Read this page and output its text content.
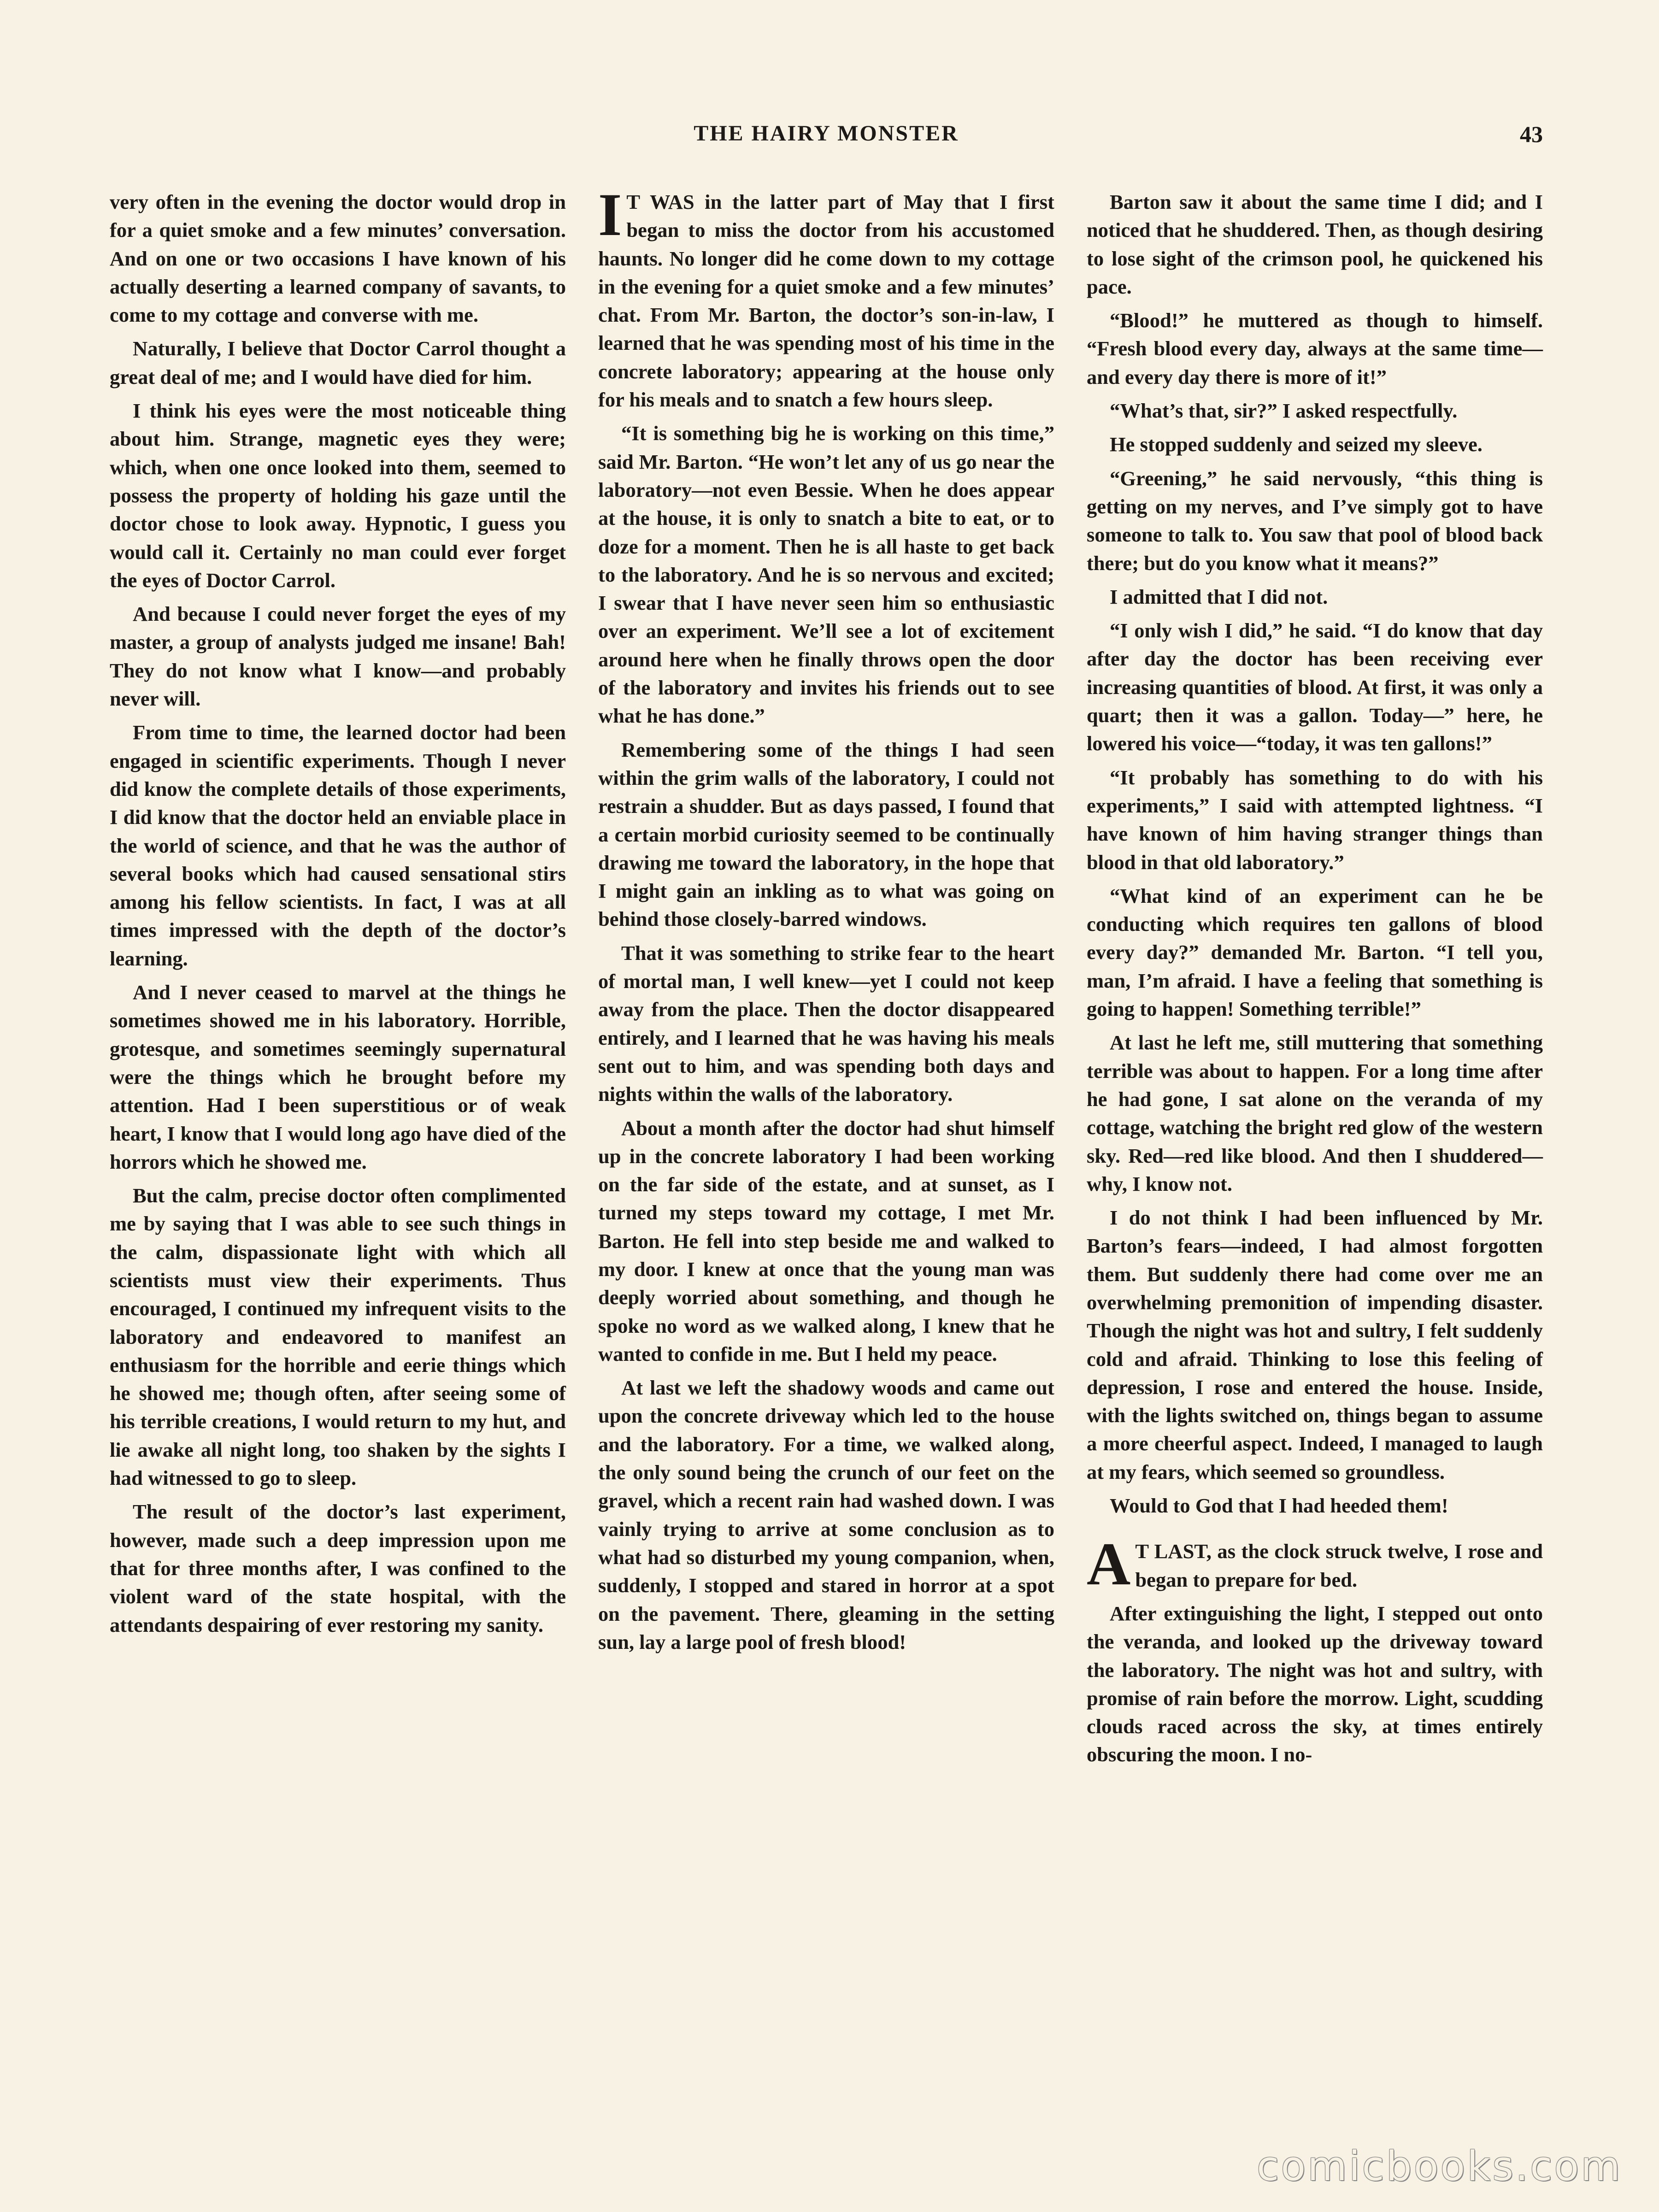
THE HAIRY MONSTER	43

very often in the evening the doctor would drop in for a quiet smoke and a few minutes’ conversation. And on one or two occasions I have known of his actually deserting a learned company of savants, to come to my cottage and converse with me.

Naturally, I believe that Doctor Carrol thought a great deal of me; and I would have died for him.

I think his eyes were the most noticeable thing about him. Strange, magnetic eyes they were; which, when one once looked into them, seemed to possess the property of holding his gaze until the doctor chose to look away. Hypnotic, I guess you would call it. Certainly no man could ever forget the eyes of Doctor Carrol.

And because I could never forget the eyes of my master, a group of analysts judged me insane! Bah! They do not know what I know—and probably never will.

From time to time, the learned doctor had been engaged in scientific experiments. Though I never did know the complete details of those experiments, I did know that the doctor held an enviable place in the world of science, and that he was the author of several books which had caused sensational stirs among his fellow scientists. In fact, I was at all times impressed with the depth of the doctor’s learning.

And I never ceased to marvel at the things he sometimes showed me in his laboratory. Horrible, grotesque, and sometimes seemingly supernatural were the things which he brought before my attention. Had I been superstitious or of weak heart, I know that I would long ago have died of the horrors which he showed me.

But the calm, precise doctor often complimented me by saying that I was able to see such things in the calm, dispassionate light with which all scientists must view their experiments. Thus encouraged, I continued my infrequent visits to the laboratory and endeavored to manifest an enthusiasm for the horrible and eerie things which he showed me; though often, after seeing some of his terrible creations, I would return to my hut, and lie awake all night long, too shaken by the sights I had witnessed to go to sleep.

The result of the doctor’s last experiment, however, made such a deep impression upon me that for three months after, I was confined to the violent ward of the state hospital, with the attendants despairing of ever restoring my sanity.

I T WAS in the latter part of May that I first began to miss the doctor from his accustomed haunts. No longer did he come down to my cottage in the evening for a quiet smoke and a few minutes’ chat. From Mr. Barton, the doctor’s son-in-law, I learned that he was spending most of his time in the concrete laboratory; appearing at the house only for his meals and to snatch a few hours sleep.

“It is something big he is working on this time,” said Mr. Barton. “He won’t let any of us go near the laboratory—not even Bessie. When he does appear at the house, it is only to snatch a bite to eat, or to doze for a moment. Then he is all haste to get back to the laboratory. And he is so nervous and excited; I swear that I have never seen him so enthusiastic over an experiment. We’ll see a lot of excitement around here when he finally throws open the door of the laboratory and invites his friends out to see what he has done.”

Remembering some of the things I had seen within the grim walls of the laboratory, I could not restrain a shudder. But as days passed, I found that a certain morbid curiosity seemed to be continually drawing me toward the laboratory, in the hope that I might gain an inkling as to what was going on behind those closely-barred windows.

That it was something to strike fear to the heart of mortal man, I well knew—yet I could not keep away from the place. Then the doctor disappeared entirely, and I learned that he was having his meals sent out to him, and was spending both days and nights within the walls of the laboratory.

About a month after the doctor had shut himself up in the concrete laboratory I had been working on the far side of the estate, and at sunset, as I turned my steps toward my cottage, I met Mr. Barton. He fell into step beside me and walked to my door. I knew at once that the young man was deeply worried about something, and though he spoke no word as we walked along, I knew that he wanted to confide in me. But I held my peace.

At last we left the shadowy woods and came out upon the concrete driveway which led to the house and the laboratory. For a time, we walked along, the only sound being the crunch of our feet on the gravel, which a recent rain had washed down. I was vainly trying to arrive at some conclusion as to what had so disturbed my young companion, when, suddenly, I stopped and stared in horror at a spot on the pavement. There, gleaming in the setting sun, lay a large pool of fresh blood!

Barton saw it about the same time I did; and I noticed that he shuddered. Then, as though desiring to lose sight of the crimson pool, he quickened his pace.

“Blood!” he muttered as though to himself. “Fresh blood every day, always at the same time—and every day there is more of it!”

“What’s that, sir?” I asked respectfully.

He stopped suddenly and seized my sleeve.

“Greening,” he said nervously, “this thing is getting on my nerves, and I’ve simply got to have someone to talk to. You saw that pool of blood back there; but do you know what it means?”

I admitted that I did not.

“I only wish I did,” he said. “I do know that day after day the doctor has been receiving ever increasing quantities of blood. At first, it was only a quart; then it was a gallon. Today—” here, he lowered his voice—“today, it was ten gallons!”

“It probably has something to do with his experiments,” I said with attempted lightness. “I have known of him having stranger things than blood in that old laboratory.”

“What kind of an experiment can he be conducting which requires ten gallons of blood every day?” demanded Mr. Barton. “I tell you, man, I’m afraid. I have a feeling that something is going to happen! Something terrible!”

At last he left me, still muttering that something terrible was about to happen. For a long time after he had gone, I sat alone on the veranda of my cottage, watching the bright red glow of the western sky. Red—red like blood. And then I shuddered—why, I know not.

I do not think I had been influenced by Mr. Barton’s fears—indeed, I had almost forgotten them. But suddenly there had come over me an overwhelming premonition of impending disaster. Though the night was hot and sultry, I felt suddenly cold and afraid. Thinking to lose this feeling of depression, I rose and entered the house. Inside, with the lights switched on, things began to assume a more cheerful aspect. Indeed, I managed to laugh at my fears, which seemed so groundless.

Would to God that I had heeded them!

A T LAST, as the clock struck twelve, I rose and began to prepare for bed.

After extinguishing the light, I stepped out onto the veranda, and looked up the driveway toward the laboratory. The night was hot and sultry, with promise of rain before the morrow. Light, scudding clouds raced across the sky, at times entirely obscuring the moon. I no-

comicbooks.com
